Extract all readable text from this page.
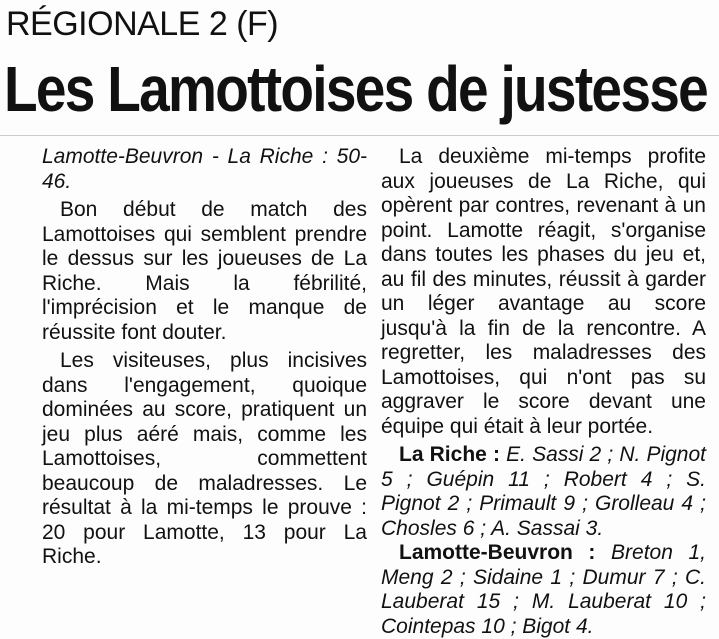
RÉGIONALE 2 (F)
Les Lamottoises de justesse

Lamotte-Beuvron - La Riche : 50-46.

Bon début de match des Lamottoises qui semblent prendre le dessus sur les joueuses de La Riche. Mais la fébrilité, l'imprécision et le manque de réussite font douter.

Les visiteuses, plus incisives dans l'engagement, quoique dominées au score, pratiquent un jeu plus aéré mais, comme les Lamottoises, commettent beaucoup de maladresses. Le résultat à la mi-temps le prouve : 20 pour Lamotte, 13 pour La Riche.

La deuxième mi-temps profite aux joueuses de La Riche, qui opèrent par contres, revenant à un point. Lamotte réagit, s'organise dans toutes les phases du jeu et, au fil des minutes, réussit à garder un léger avantage au score jusqu'à la fin de la rencontre. A regretter, les maladresses des Lamottoises, qui n'ont pas su aggraver le score devant une équipe qui était à leur portée.

La Riche : E. Sassi 2 ; N. Pignot 5 ; Guépin 11 ; Robert 4 ; S. Pignot 2 ; Primault 9 ; Grolleau 4 ; Chosles 6 ; A. Sassai 3.

Lamotte-Beuvron : Breton 1, Meng 2 ; Sidaine 1 ; Dumur 7 ; C. Lauberat 15 ; M. Lauberat 10 ; Cointepas 10 ; Bigot 4.
